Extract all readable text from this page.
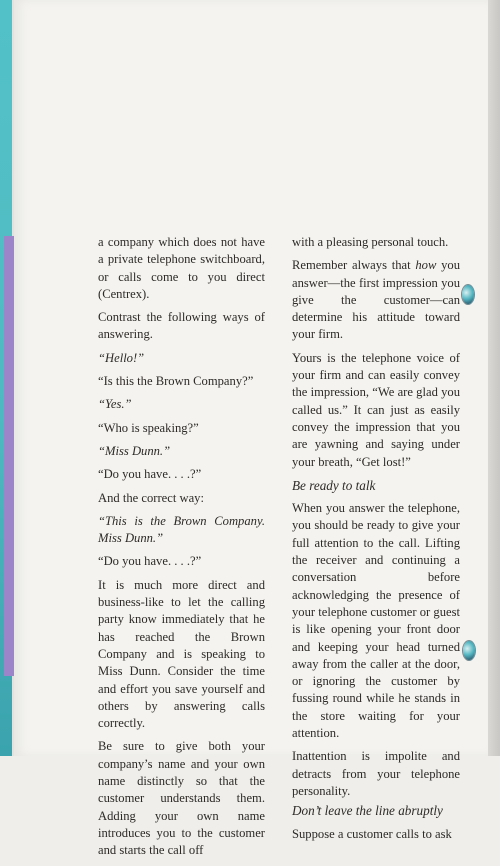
a company which does not have a private telephone switchboard, or calls come to you direct (Centrex).

Contrast the following ways of answering.

“Hello!”

“Is this the Brown Company?”

“Yes.”

“Who is speaking?”

“Miss Dunn.”

“Do you have. . . .?”

And the correct way:

“This is the Brown Company. Miss Dunn.”

“Do you have. . . .?”

It is much more direct and business-like to let the calling party know immediately that he has reached the Brown Company and is speaking to Miss Dunn. Consider the time and effort you save yourself and others by answering calls correctly.

Be sure to give both your company’s name and your own name distinctly so that the customer understands them. Adding your own name introduces you to the customer and starts the call off

with a pleasing personal touch.

Remember always that how you answer—the first impression you give the customer—can determine his attitude toward your firm.

Yours is the telephone voice of your firm and can easily convey the impression, “We are glad you called us.” It can just as easily convey the impression that you are yawning and saying under your breath, “Get lost!”

Be ready to talk

When you answer the telephone, you should be ready to give your full attention to the call. Lifting the receiver and continuing a conversation before acknowledging the presence of your telephone customer or guest is like opening your front door and keeping your head turned away from the caller at the door, or ignoring the customer by fussing round while he stands in the store waiting for your attention.

Inattention is impolite and detracts from your telephone personality.

Don’t leave the line abruptly

Suppose a customer calls to ask
